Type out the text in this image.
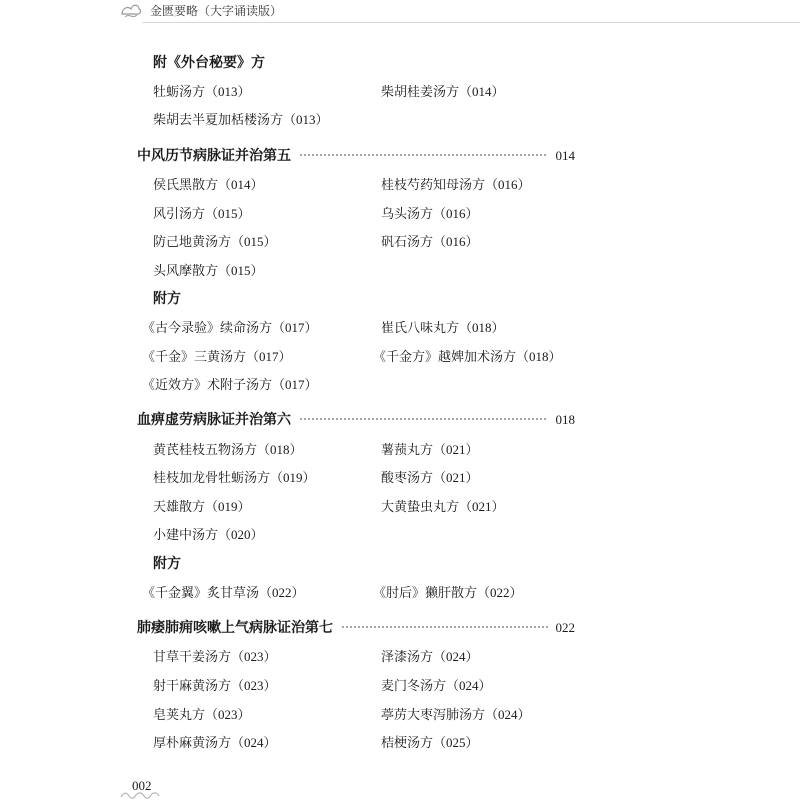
金匮要略（大字诵读版）
附《外台秘要》方
牡蛎汤方（013）	柴胡桂姜汤方（014）
柴胡去半夏加栝楼汤方（013）
中风历节病脉证并治第五	014
侯氏黑散方（014）	桂枝芍药知母汤方（016）
风引汤方（015）	乌头汤方（016）
防己地黄汤方（015）	矾石汤方（016）
头风摩散方（015）
附方
《古今录验》续命汤方（017）	崔氏八味丸方（018）
《千金》三黄汤方（017）	《千金方》越婢加术汤方（018）
《近效方》术附子汤方（017）
血痹虚劳病脉证并治第六	018
黄芪桂枝五物汤方（018）	薯蓣丸方（021）
桂枝加龙骨牡蛎汤方（019）	酸枣汤方（021）
天雄散方（019）	大黄蛰虫丸方（021）
小建中汤方（020）
附方
《千金翼》炙甘草汤（022）	《肘后》獭肝散方（022）
肺痿肺痈咳嗽上气病脉证治第七	022
甘草干姜汤方（023）	泽漆汤方（024）
射干麻黄汤方（023）	麦门冬汤方（024）
皂荚丸方（023）	葶苈大枣泻肺汤方（024）
厚朴麻黄汤方（024）	桔梗汤方（025）
002
